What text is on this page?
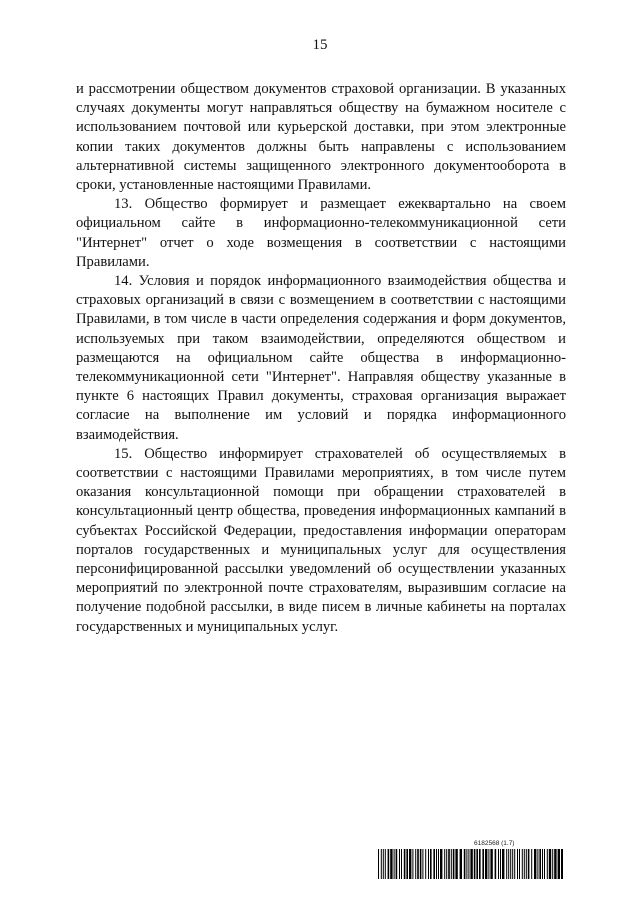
15

и рассмотрении обществом документов страховой организации. В указанных случаях документы могут направляться обществу на бумажном носителе с использованием почтовой или курьерской доставки, при этом электронные копии таких документов должны быть направлены с использованием альтернативной системы защищенного электронного документооборота в сроки, установленные настоящими Правилами.

13. Общество формирует и размещает ежеквартально на своем официальном сайте в информационно-телекоммуникационной сети "Интернет" отчет о ходе возмещения в соответствии с настоящими Правилами.

14. Условия и порядок информационного взаимодействия общества и страховых организаций в связи с возмещением в соответствии с настоящими Правилами, в том числе в части определения содержания и форм документов, используемых при таком взаимодействии, определяются обществом и размещаются на официальном сайте общества в информационно-телекоммуникационной сети "Интернет". Направляя обществу указанные в пункте 6 настоящих Правил документы, страховая организация выражает согласие на выполнение им условий и порядка информационного взаимодействия.

15. Общество информирует страхователей об осуществляемых в соответствии с настоящими Правилами мероприятиях, в том числе путем оказания консультационной помощи при обращении страхователей в консультационный центр общества, проведения информационных кампаний в субъектах Российской Федерации, предоставления информации операторам порталов государственных и муниципальных услуг для осуществления персонифицированной рассылки уведомлений об осуществлении указанных мероприятий по электронной почте страхователям, выразившим согласие на получение подобной рассылки, в виде писем в личные кабинеты на порталах государственных и муниципальных услуг.

6182568 (1.7)
